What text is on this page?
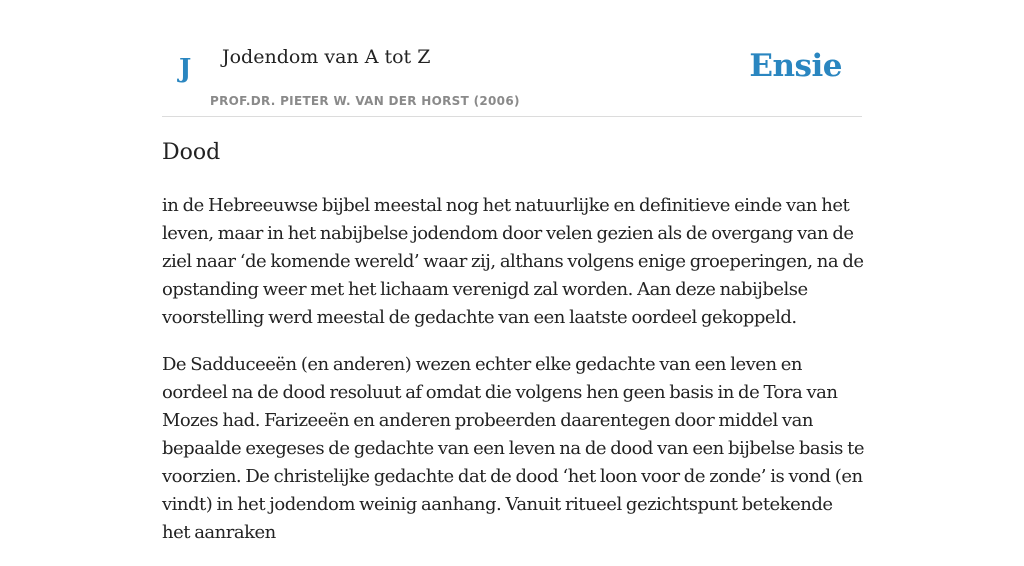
J Jodendom van A tot Z
PROF.DR. PIETER W. VAN DER HORST (2006)
Ensie
Dood

in de Hebreeuwse bijbel meestal nog het natuurlijke en definitieve einde van het leven, maar in het nabijbelse jodendom door velen gezien als de overgang van de ziel naar ‘de komende wereld’ waar zij, althans volgens enige groeperingen, na de opstanding weer met het lichaam verenigd zal worden. Aan deze nabijbelse voorstelling werd meestal de gedachte van een laatste oordeel gekoppeld.

De Sadduceeën (en anderen) wezen echter elke gedachte van een leven en oordeel na de dood resoluut af omdat die volgens hen geen basis in de Tora van Mozes had. Farizeeën en anderen probeerden daarentegen door middel van bepaalde exegeses de gedachte van een leven na de dood van een bijbelse basis te voorzien. De christelijke gedachte dat de dood ‘het loon voor de zonde’ is vond (en vindt) in het jodendom weinig aanhang. Vanuit ritueel gezichtspunt betekende het aanraken
